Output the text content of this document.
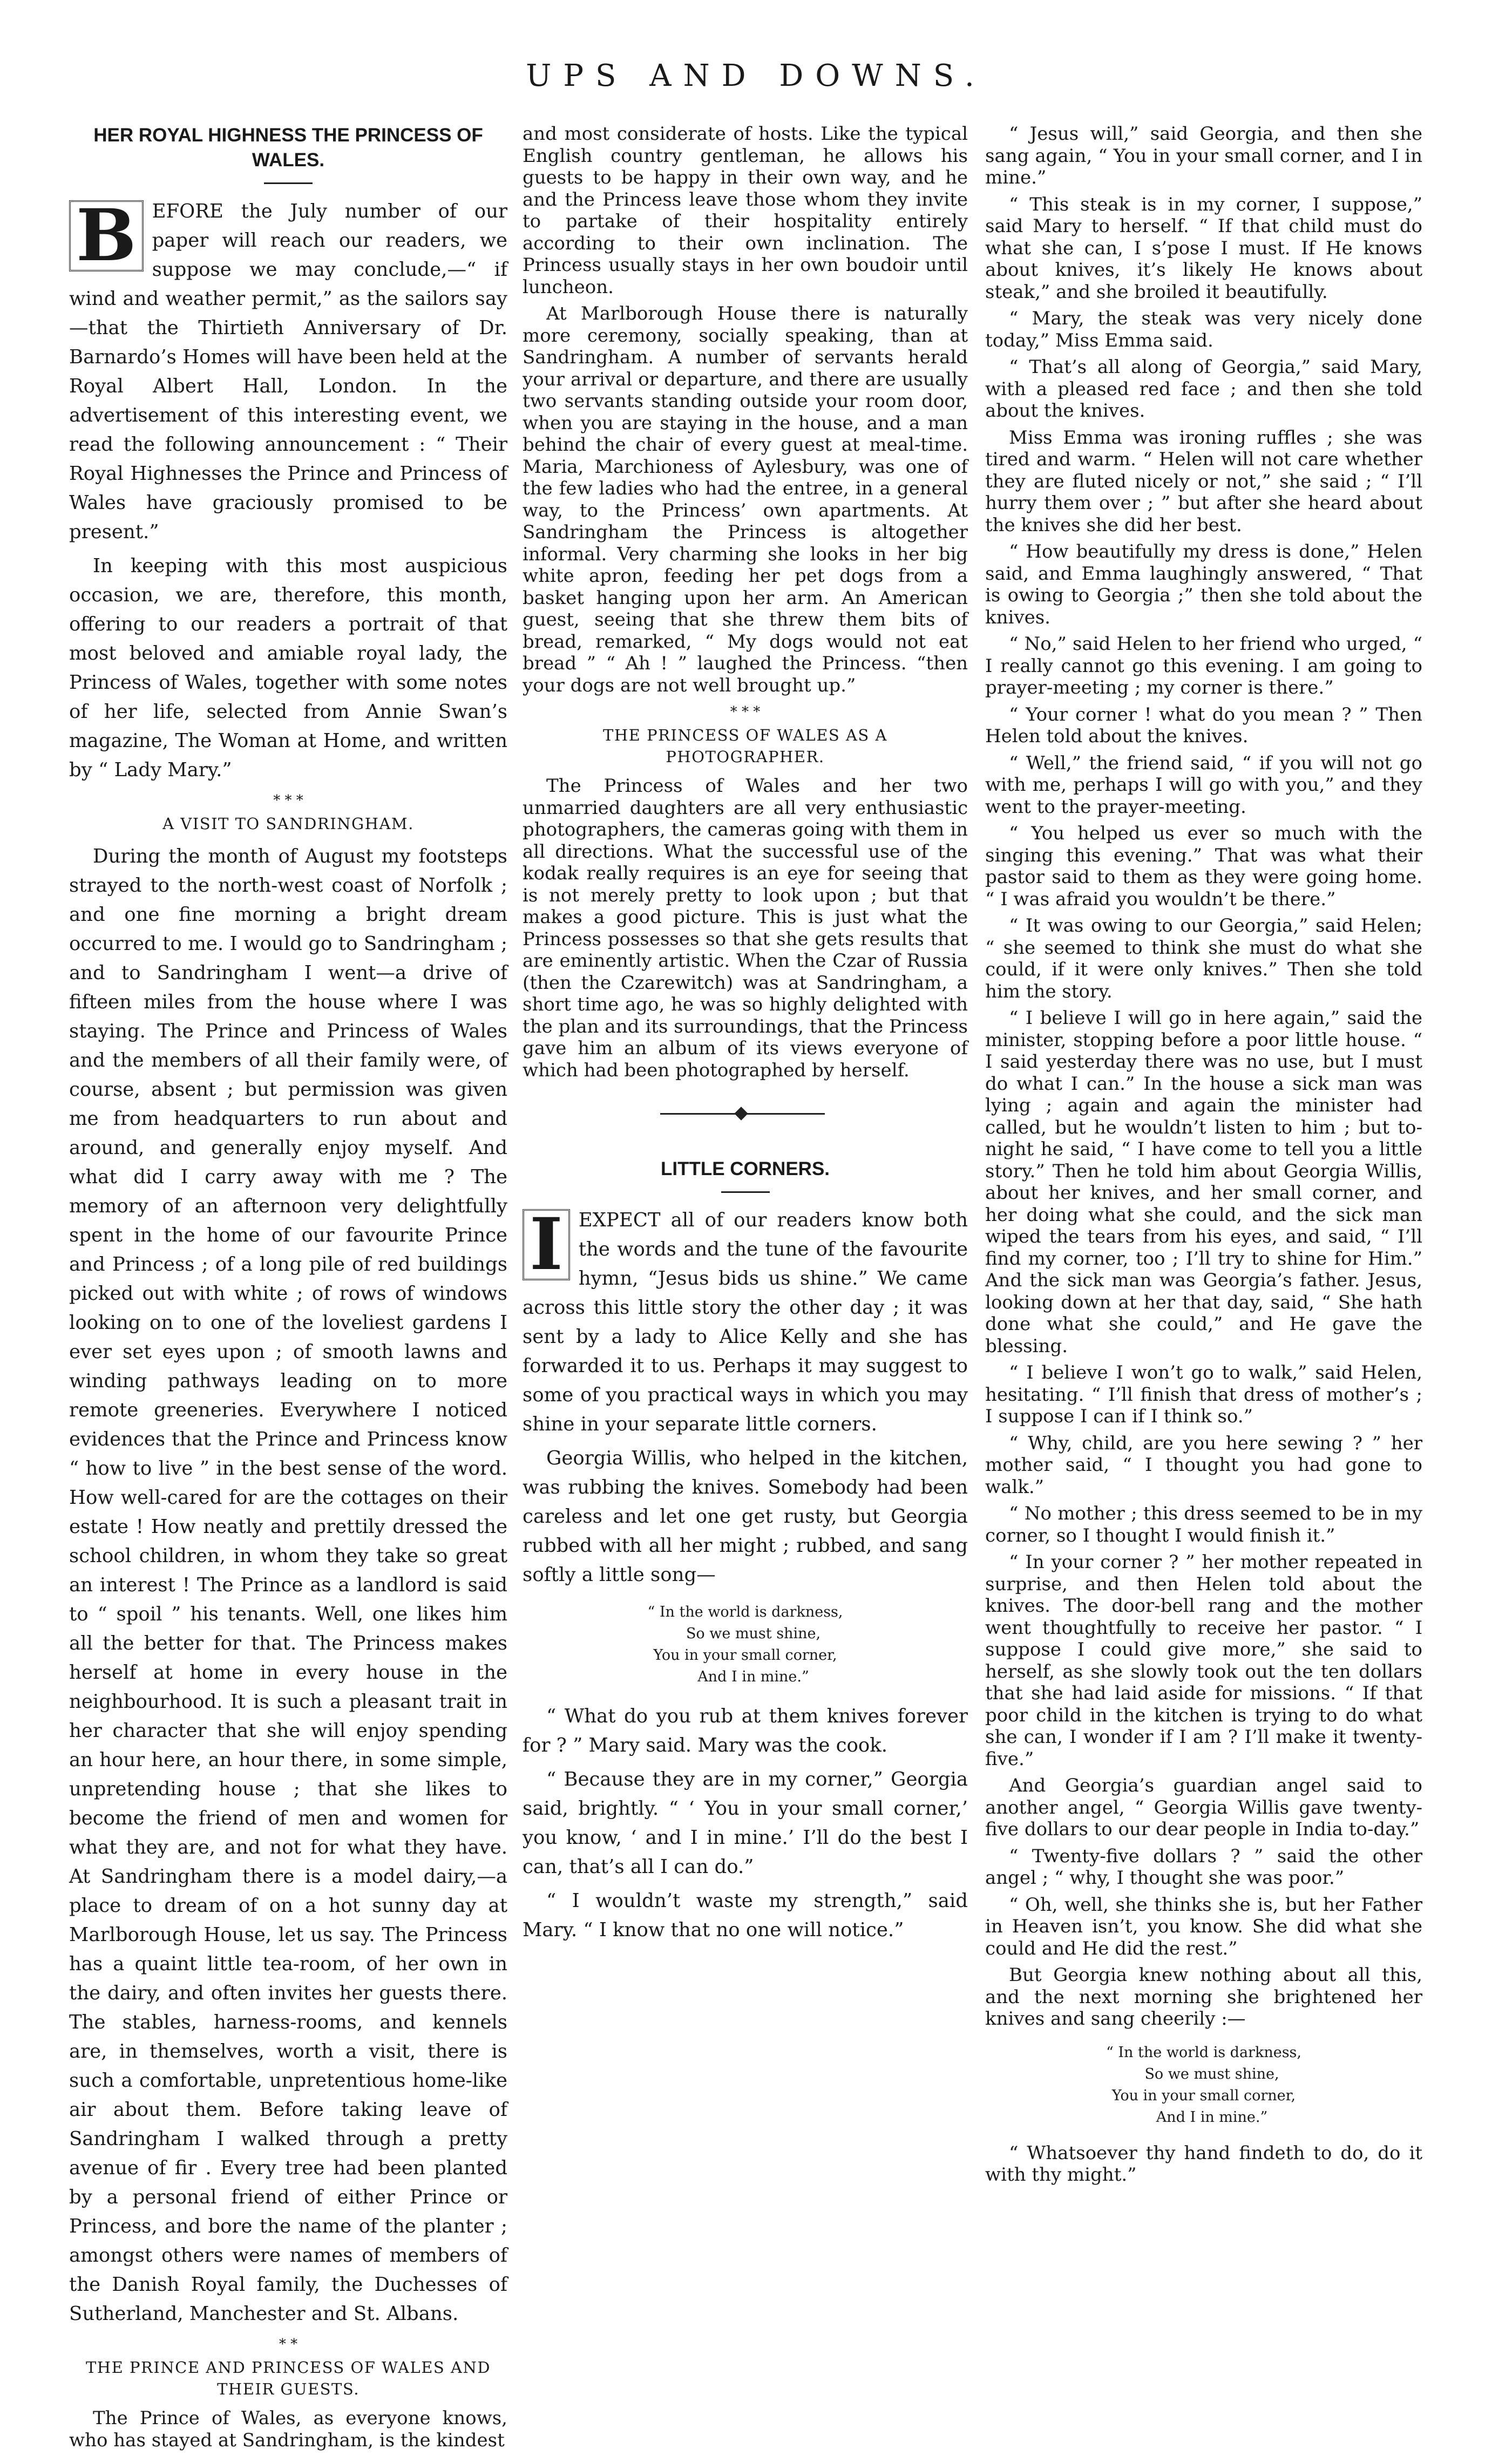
UPS AND DOWNS.
HER ROYAL HIGHNESS THE PRINCESS OF WALES.
B EFORE the July number of our paper will reach our readers, we suppose we may conclude,—“ if wind and weather permit,” as the sailors say—that the Thirtieth Anniversary of Dr. Barnardo’s Homes will have been held at the Royal Albert Hall, London. In the advertisement of this interesting event, we read the following announcement : “ Their Royal Highnesses the Prince and Princess of Wales have graciously promised to be present.”

In keeping with this most auspicious occasion, we are, therefore, this month, offering to our readers a portrait of that most beloved and amiable royal lady, the Princess of Wales, together with some notes of her life, selected from Annie Swan’s magazine, The Woman at Home, and written by “ Lady Mary.”

* * *
A VISIT TO SANDRINGHAM.

During the month of August my footsteps strayed to the north-west coast of Norfolk ; and one fine morning a bright dream occurred to me. I would go to Sandringham ; and to Sandringham I went—a drive of fifteen miles from the house where I was staying. The Prince and Princess of Wales and the members of all their family were, of course, absent ; but permission was given me from headquarters to run about and around, and generally enjoy myself. And what did I carry away with me ? The memory of an afternoon very delightfully spent in the home of our favourite Prince and Princess ; of a long pile of red buildings picked out with white ; of rows of windows looking on to one of the loveliest gardens I ever set eyes upon ; of smooth lawns and winding pathways leading on to more remote greeneries. Everywhere I noticed evidences that the Prince and Princess know “ how to live ” in the best sense of the word. How well-cared for are the cottages on their estate ! How neatly and prettily dressed the school children, in whom they take so great an interest ! The Prince as a landlord is said to “ spoil ” his tenants. Well, one likes him all the better for that. The Princess makes herself at home in every house in the neighbourhood. It is such a pleasant trait in her character that she will enjoy spending an hour here, an hour there, in some simple, unpretending house ; that she likes to become the friend of men and women for what they are, and not for what they have. At Sandringham there is a model dairy,—a place to dream of on a hot sunny day at Marlborough House, let us say. The Princess has a quaint little tea-room, of her own in the dairy, and often invites her guests there. The stables, harness-rooms, and kennels are, in themselves, worth a visit, there is such a comfortable, unpretentious home-like air about them. Before taking leave of Sandringham I walked through a pretty avenue of fir . Every tree had been planted by a personal friend of either Prince or Princess, and bore the name of the planter ; amongst others were names of members of the Danish Royal family, the Duchesses of Sutherland, Manchester and St. Albans.

* *
THE PRINCE AND PRINCESS OF WALES AND THEIR GUESTS.

The Prince of Wales, as everyone knows, who has stayed at Sandringham, is the kindest

and most considerate of hosts. Like the typical English country gentleman, he allows his guests to be happy in their own way, and he and the Princess leave those whom they invite to partake of their hospitality entirely according to their own inclination. The Princess usually stays in her own boudoir until luncheon.

At Marlborough House there is naturally more ceremony, socially speaking, than at Sandringham. A number of servants herald your arrival or departure, and there are usually two servants standing outside your room door, when you are staying in the house, and a man behind the chair of every guest at meal-time. Maria, Marchioness of Aylesbury, was one of the few ladies who had the entree, in a general way, to the Princess’ own apartments. At Sandringham the Princess is altogether informal. Very charming she looks in her big white apron, feeding her pet dogs from a basket hanging upon her arm. An American guest, seeing that she threw them bits of bread, remarked, “ My dogs would not eat bread ” “ Ah ! ” laughed the Princess. “then your dogs are not well brought up.”

* * *
THE PRINCESS OF WALES AS A PHOTOGRAPHER.

The Princess of Wales and her two unmarried daughters are all very enthusiastic photographers, the cameras going with them in all directions. What the successful use of the kodak really requires is an eye for seeing that is not merely pretty to look upon ; but that makes a good picture. This is just what the Princess possesses so that she gets results that are eminently artistic. When the Czar of Russia (then the Czarewitch) was at Sandringham, a short time ago, he was so highly delighted with the plan and its surroundings, that the Princess gave him an album of its views everyone of which had been photographed by herself.

LITTLE CORNERS.
I EXPECT all of our readers know both the words and the tune of the favourite hymn, “Jesus bids us shine.” We came across this little story the other day ; it was sent by a lady to Alice Kelly and she has forwarded it to us. Perhaps it may suggest to some of you practical ways in which you may shine in your separate little corners.

Georgia Willis, who helped in the kitchen, was rubbing the knives. Somebody had been careless and let one get rusty, but Georgia rubbed with all her might ; rubbed, and sang softly a little song—

“ In the world is darkness,
So we must shine,
You in your small corner,
And I in mine.”

“ What do you rub at them knives forever for ? ” Mary said. Mary was the cook.

“ Because they are in my corner,” Georgia said, brightly. “ ‘ You in your small corner,’ you know, ‘ and I in mine.’ I’ll do the best I can, that’s all I can do.”

“ I wouldn’t waste my strength,” said Mary. “ I know that no one will notice.”

“ Jesus will,” said Georgia, and then she sang again, “ You in your small corner, and I in mine.”

“ This steak is in my corner, I suppose,” said Mary to herself. “ If that child must do what she can, I s’pose I must. If He knows about knives, it’s likely He knows about steak,” and she broiled it beautifully.

“ Mary, the steak was very nicely done today,” Miss Emma said.

“ That’s all along of Georgia,” said Mary, with a pleased red face ; and then she told about the knives.

Miss Emma was ironing ruffles ; she was tired and warm. “ Helen will not care whether they are fluted nicely or not,” she said ; “ I’ll hurry them over ; ” but after she heard about the knives she did her best.

“ How beautifully my dress is done,” Helen said, and Emma laughingly answered, “ That is owing to Georgia ;” then she told about the knives.

“ No,” said Helen to her friend who urged, “ I really cannot go this evening. I am going to prayer-meeting ; my corner is there.”

“ Your corner ! what do you mean ? ” Then Helen told about the knives.

“ Well,” the friend said, “ if you will not go with me, perhaps I will go with you,” and they went to the prayer-meeting.

“ You helped us ever so much with the singing this evening.” That was what their pastor said to them as they were going home. “ I was afraid you wouldn’t be there.”

“ It was owing to our Georgia,” said Helen; “ she seemed to think she must do what she could, if it were only knives.” Then she told him the story.

“ I believe I will go in here again,” said the minister, stopping before a poor little house. “ I said yesterday there was no use, but I must do what I can.” In the house a sick man was lying ; again and again the minister had called, but he wouldn’t listen to him ; but to-night he said, “ I have come to tell you a little story.” Then he told him about Georgia Willis, about her knives, and her small corner, and her doing what she could, and the sick man wiped the tears from his eyes, and said, “ I’ll find my corner, too ; I’ll try to shine for Him.” And the sick man was Georgia’s father. Jesus, looking down at her that day, said, “ She hath done what she could,” and He gave the blessing.

“ I believe I won’t go to walk,” said Helen, hesitating. “ I’ll finish that dress of mother’s ; I suppose I can if I think so.”

“ Why, child, are you here sewing ? ” her mother said, “ I thought you had gone to walk.”

“ No mother ; this dress seemed to be in my corner, so I thought I would finish it.”

“ In your corner ? ” her mother repeated in surprise, and then Helen told about the knives. The door-bell rang and the mother went thoughtfully to receive her pastor. “ I suppose I could give more,” she said to herself, as she slowly took out the ten dollars that she had laid aside for missions. “ If that poor child in the kitchen is trying to do what she can, I wonder if I am ? I’ll make it twenty-five.”

And Georgia’s guardian angel said to another angel, “ Georgia Willis gave twenty-five dollars to our dear people in India to-day.”

“ Twenty-five dollars ? ” said the other angel ; “ why, I thought she was poor.”

“ Oh, well, she thinks she is, but her Father in Heaven isn’t, you know. She did what she could and He did the rest.”

But Georgia knew nothing about all this, and the next morning she brightened her knives and sang cheerily :—

“ In the world is darkness,
So we must shine,
You in your small corner,
And I in mine.”

“ Whatsoever thy hand findeth to do, do it with thy might.”
